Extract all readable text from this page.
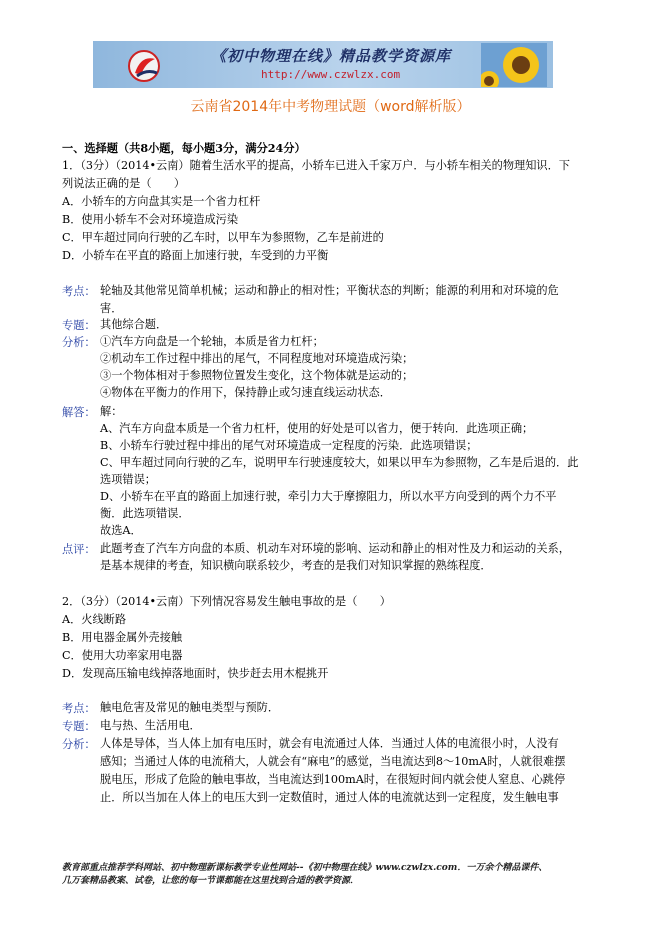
《初中物理在线》精品教学资源库
http://www.czwlzx.com
云南省2014年中考物理试题（word解析版）
一、选择题（共8小题，每小题3分，满分24分）
1．（3分）（2014•云南）随着生活水平的提高，小轿车已进入千家万户．与小轿车相关的物理知识．下
列说法正确的是（　　）
A．小轿车的方向盘其实是一个省力杠杆
B．使用小轿车不会对环境造成污染
C．甲车超过同向行驶的乙车时，以甲车为参照物，乙车是前进的
D．小轿车在平直的路面上加速行驶，车受到的力平衡
考点： 轮轴及其他常见简单机械；运动和静止的相对性；平衡状态的判断；能源的利用和对环境的危
害．
专题： 其他综合题．
分析： ①汽车方向盘是一个轮轴，本质是省力杠杆；
②机动车工作过程中排出的尾气，不同程度地对环境造成污染；
③一个物体相对于参照物位置发生变化，这个物体就是运动的；
④物体在平衡力的作用下，保持静止或匀速直线运动状态．
解答： 解：
A、汽车方向盘本质是一个省力杠杆，使用的好处是可以省力，便于转向．此选项正确；
B、小轿车行驶过程中排出的尾气对环境造成一定程度的污染．此选项错误；
C、甲车超过同向行驶的乙车，说明甲车行驶速度较大，如果以甲车为参照物，乙车是后退的．此
选项错误；
D、小轿车在平直的路面上加速行驶，牵引力大于摩擦阻力，所以水平方向受到的两个力不平
衡．此选项错误．
故选A．
点评： 此题考查了汽车方向盘的本质、机动车对环境的影响、运动和静止的相对性及力和运动的关系，
是基本规律的考查，知识横向联系较少，考查的是我们对知识掌握的熟练程度．
2．（3分）（2014•云南）下列情况容易发生触电事故的是（　　）
A．火线断路
B．用电器金属外壳接触
C．使用大功率家用电器
D．发现高压输电线掉落地面时，快步赶去用木棍挑开
考点： 触电危害及常见的触电类型与预防．
专题： 电与热、生活用电．
分析： 人体是导体，当人体上加有电压时，就会有电流通过人体．当通过人体的电流很小时，人没有
感知；当通过人体的电流稍大，人就会有“麻电”的感觉，当电流达到8～10mA时，人就很难摆
脱电压，形成了危险的触电事故，当电流达到100mA时，在很短时间内就会使人窒息、心跳停
止．所以当加在人体上的电压大到一定数值时，通过人体的电流就达到一定程度，发生触电事
教育部重点推荐学科网站、初中物理新课标教学专业性网站--《初中物理在线》www.czwlzx.com．一万余个精品课件、
几万套精品教案、试卷，让您的每一节课都能在这里找到合适的教学资源．
